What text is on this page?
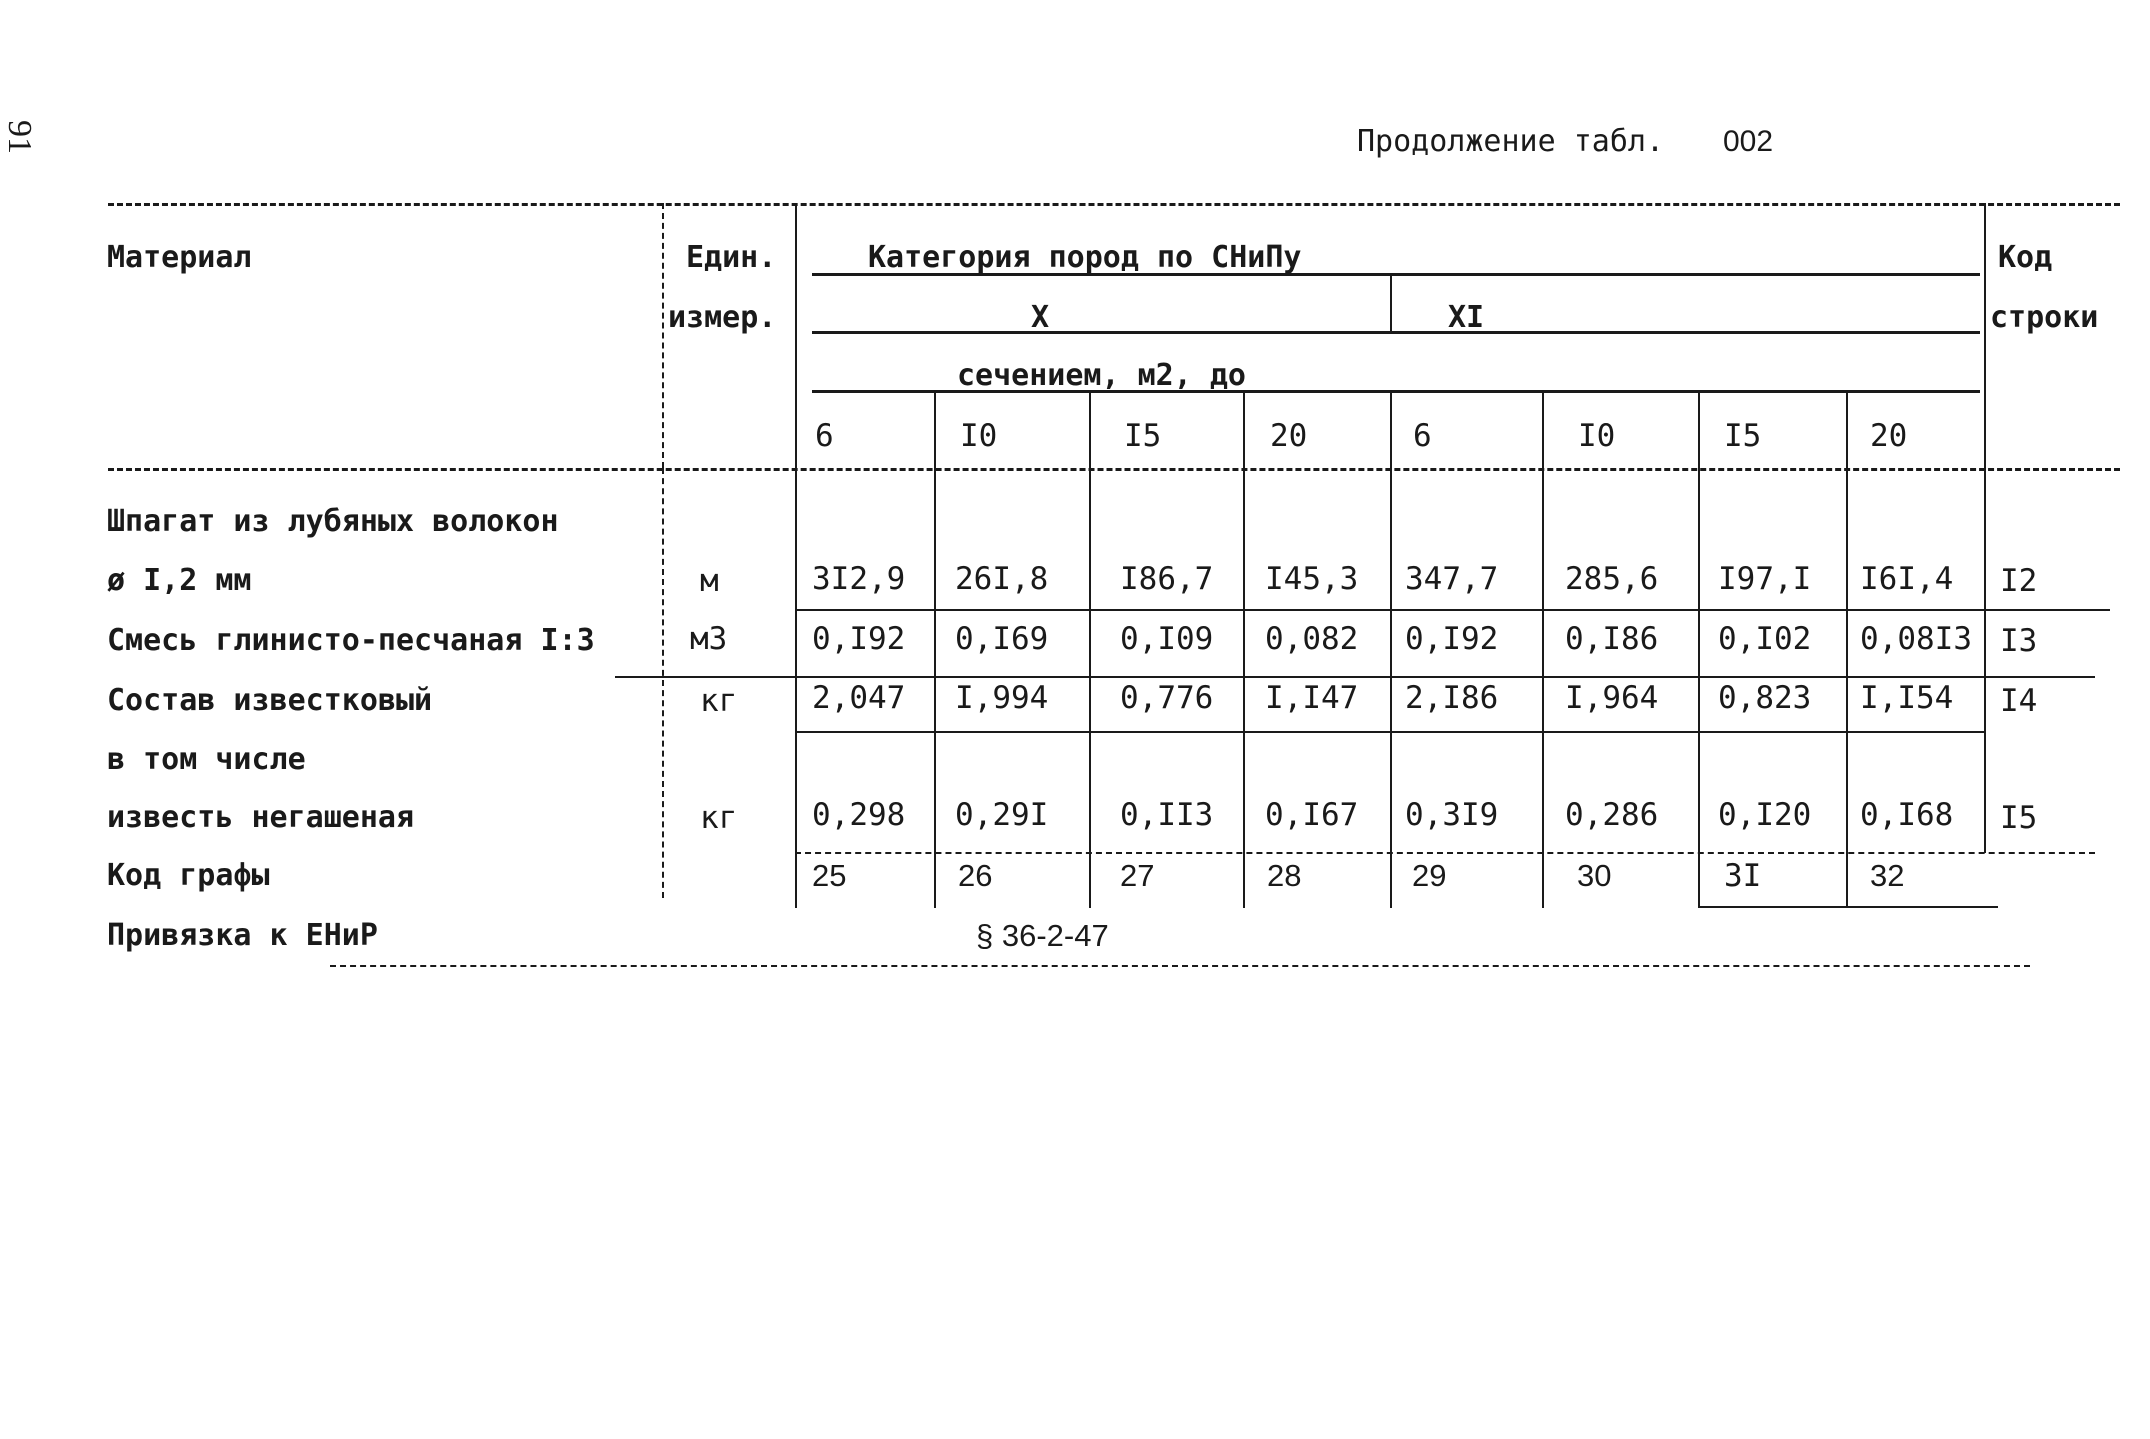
91	Продолжение табл. 002
Материал	Един.
измер.
Код
строки
Категория пород по СНиПу
X	XI
сечением, м2, до
6	I0	I5	20	6	I0	I5	20
Шпагат из лубяных волокон
ø I,2 мм	м	3I2,9 26I,8 I86,7 I45,3 347,7 285,6 I97,I I6I,4 I2
Смесь глинисто-песчаная I:3	м3	0,I92 0,I69 0,I09 0,082 0,I92 0,I86 0,I02 0,08I3 I3
Состав известковый	кг 2,047 I,994 0,776 I,I47 2,I86 I,964 0,823 I,I54 I4
в том числе
известь негашеная	кг 0,298 0,29I 0,II3 0,I67 0,3I9 0,286 0,I20 0,I68 I5
Код графы	25	26	27	28	29	30	3I	32
Привязка к ЕНиР	§ 36-2-47
